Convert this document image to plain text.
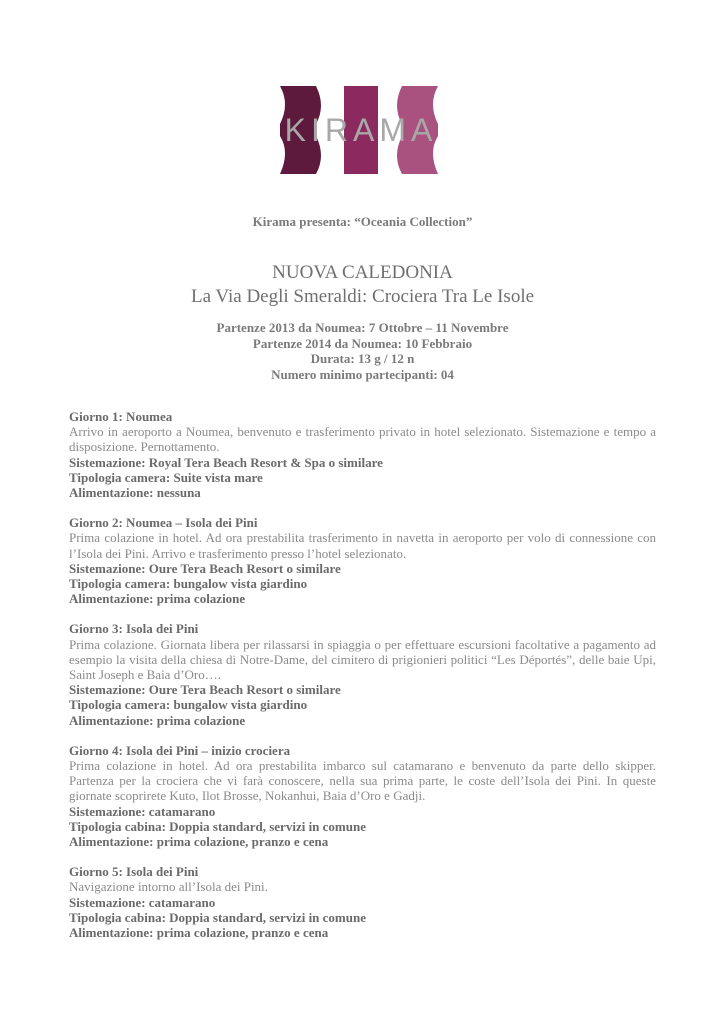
KIRAMA
Kirama presenta: “Oceania Collection”
NUOVA CALEDONIA
La Via Degli Smeraldi: Crociera Tra Le Isole
Partenze 2013 da Noumea: 7 Ottobre – 11 Novembre
Partenze 2014 da Noumea: 10 Febbraio
Durata: 13 g / 12 n
Numero minimo partecipanti: 04
Giorno 1: Noumea
Arrivo in aeroporto a Noumea, benvenuto e trasferimento privato in hotel selezionato. Sistemazione e tempo a disposizione. Pernottamento.
Sistemazione: Royal Tera Beach Resort & Spa o similare
Tipologia camera: Suite vista mare
Alimentazione: nessuna
Giorno 2: Noumea – Isola dei Pini
Prima colazione in hotel. Ad ora prestabilita trasferimento in navetta in aeroporto per volo di connessione con l’Isola dei Pini. Arrivo e trasferimento presso l’hotel selezionato.
Sistemazione: Oure Tera Beach Resort o similare
Tipologia camera: bungalow vista giardino
Alimentazione: prima colazione
Giorno 3: Isola dei Pini
Prima colazione. Giornata libera per rilassarsi in spiaggia o per effettuare escursioni facoltative a pagamento ad esempio la visita della chiesa di Notre-Dame, del cimitero di prigionieri politici “Les Déportés”, delle baie Upi, Saint Joseph e Baia d’Oro….
Sistemazione: Oure Tera Beach Resort o similare
Tipologia camera: bungalow vista giardino
Alimentazione: prima colazione
Giorno 4: Isola dei Pini – inizio crociera
Prima colazione in hotel. Ad ora prestabilita imbarco sul catamarano e benvenuto da parte dello skipper. Partenza per la crociera che vi farà conoscere, nella sua prima parte, le coste dell’Isola dei Pini. In queste giornate scoprirete Kuto, Ilot Brosse, Nokanhui, Baia d’Oro e Gadji.
Sistemazione: catamarano
Tipologia cabina: Doppia standard, servizi in comune
Alimentazione: prima colazione, pranzo e cena
Giorno 5: Isola dei Pini
Navigazione intorno all’Isola dei Pini.
Sistemazione: catamarano
Tipologia cabina: Doppia standard, servizi in comune
Alimentazione: prima colazione, pranzo e cena
